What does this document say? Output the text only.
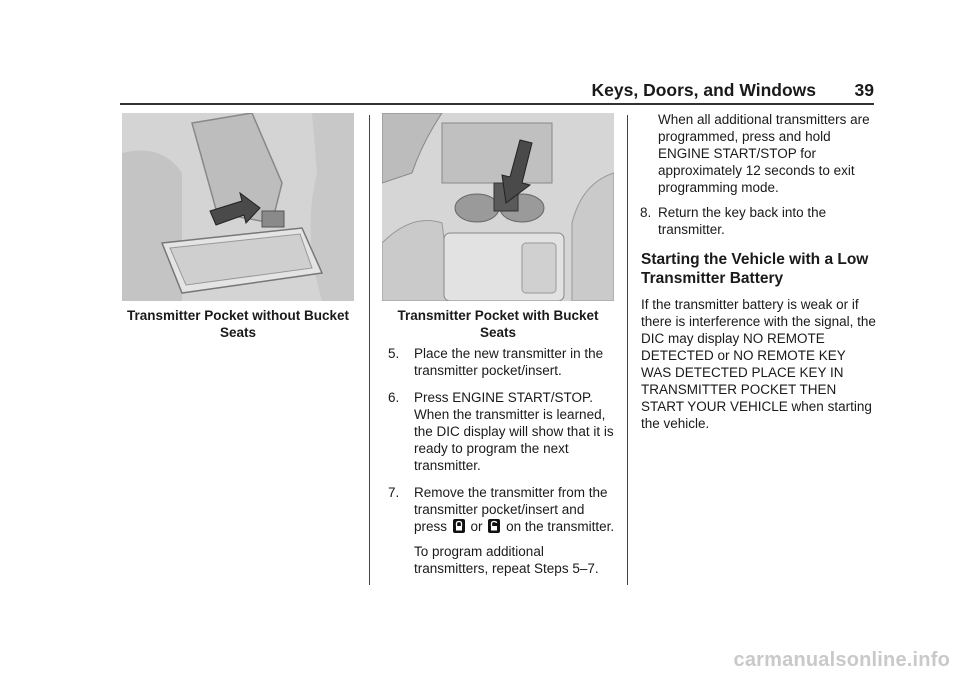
Keys, Doors, and Windows 39
Transmitter Pocket without Bucket Seats
Transmitter Pocket with Bucket Seats
5. Place the new transmitter in the transmitter pocket/insert.

6. Press ENGINE START/STOP. When the transmitter is learned, the DIC display will show that it is ready to program the next transmitter.

7. Remove the transmitter from the transmitter pocket/insert and press or on the transmitter.

To program additional transmitters, repeat Steps 5–7.

When all additional transmitters are programmed, press and hold ENGINE START/STOP for approximately 12 seconds to exit programming mode.

8. Return the key back into the transmitter.

Starting the Vehicle with a Low Transmitter Battery

If the transmitter battery is weak or if there is interference with the signal, the DIC may display NO REMOTE DETECTED or NO REMOTE KEY WAS DETECTED PLACE KEY IN TRANSMITTER POCKET THEN START YOUR VEHICLE when starting the vehicle.

carmanualsonline.info
